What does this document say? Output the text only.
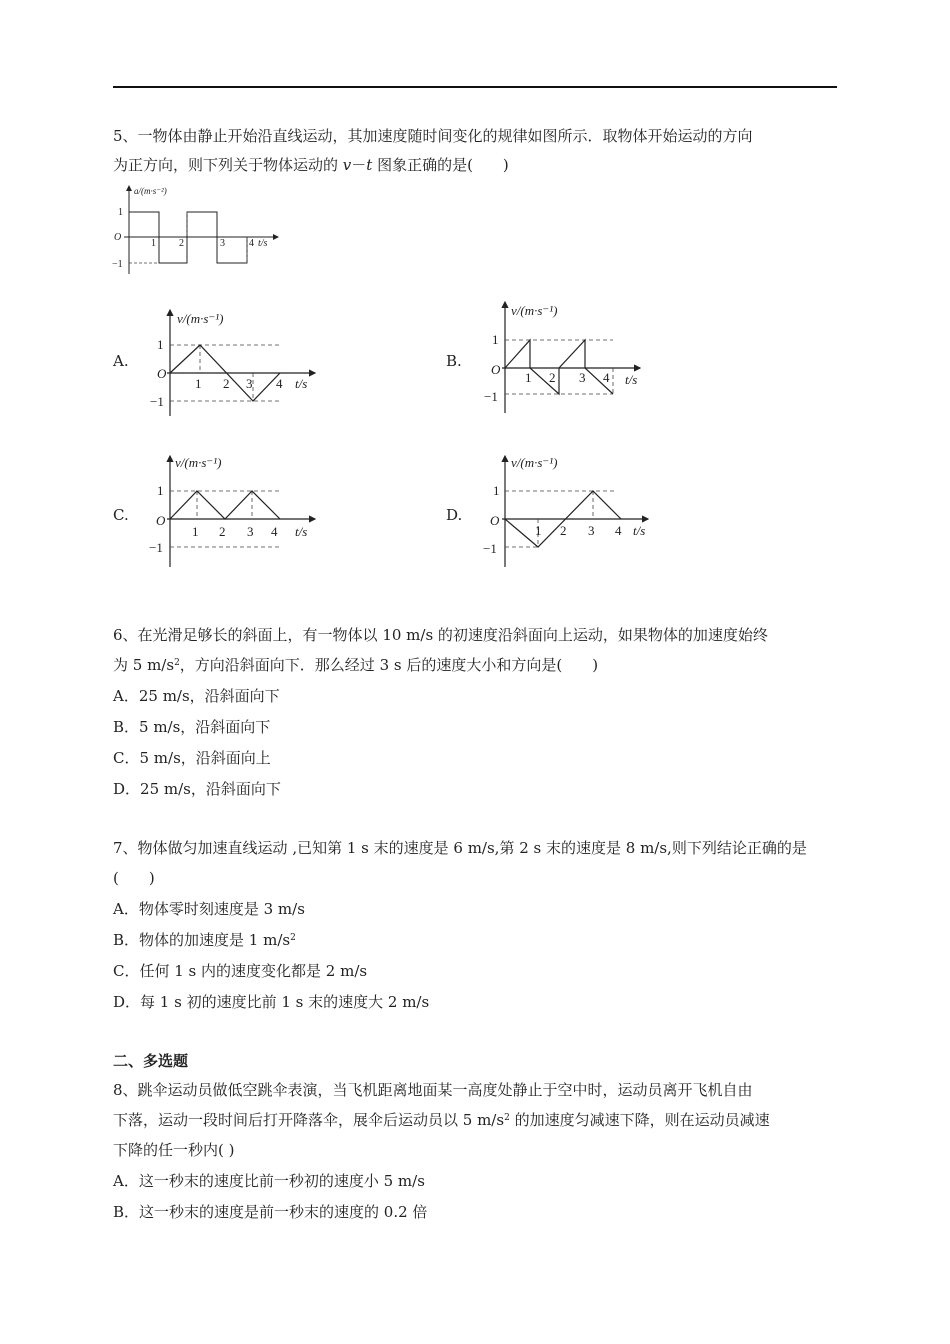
5、一物体由静止开始沿直线运动，其加速度随时间变化的规律如图所示．取物体开始运动的方向
为正方向，则下列关于物体运动的 v－t 图象正确的是(　　)
a/(m·s⁻²)
O
1
−1
1 2	3 4 t/s
A.
v/(m·s⁻¹)
1
O
−1
1 2 3 4 t/s
B.
v/(m·s⁻¹)
1
O
−1
1 2 3 4 t/s
C.
v/(m·s⁻¹)
1
O
−1
1 2 3 4 t/s
D.
v/(m·s⁻¹)
1
O
−1
1 2 3 4 t/s
6、在光滑足够长的斜面上，有一物体以 10 m/s 的初速度沿斜面向上运动，如果物体的加速度始终
为 5 $m/s^2$，方向沿斜面向下．那么经过 3 s 后的速度大小和方向是(　　)
A．25 m/s，沿斜面向下
B．5 m/s，沿斜面向下
C．5 m/s，沿斜面向上
D．25 m/s，沿斜面向下
7、物体做匀加速直线运动 ,已知第 1 s 末的速度是 6 m/s,第 2 s 末的速度是 8 m/s,则下列结论正确的是
(　　)
A．物体零时刻速度是 3 m/s
B．物体的加速度是 1 $m/s^2$
C．任何 1 s 内的速度变化都是 2 m/s
D．每 1 s 初的速度比前 1 s 末的速度大 2 m/s
二、多选题
8、跳伞运动员做低空跳伞表演，当飞机距离地面某一高度处静止于空中时，运动员离开飞机自由
下落，运动一段时间后打开降落伞，展伞后运动员以 5 $m/s^2$ 的加速度匀减速下降，则在运动员减速
下降的任一秒内( )
A．这一秒末的速度比前一秒初的速度小 5 m/s
B．这一秒末的速度是前一秒末的速度的 0.2 倍
